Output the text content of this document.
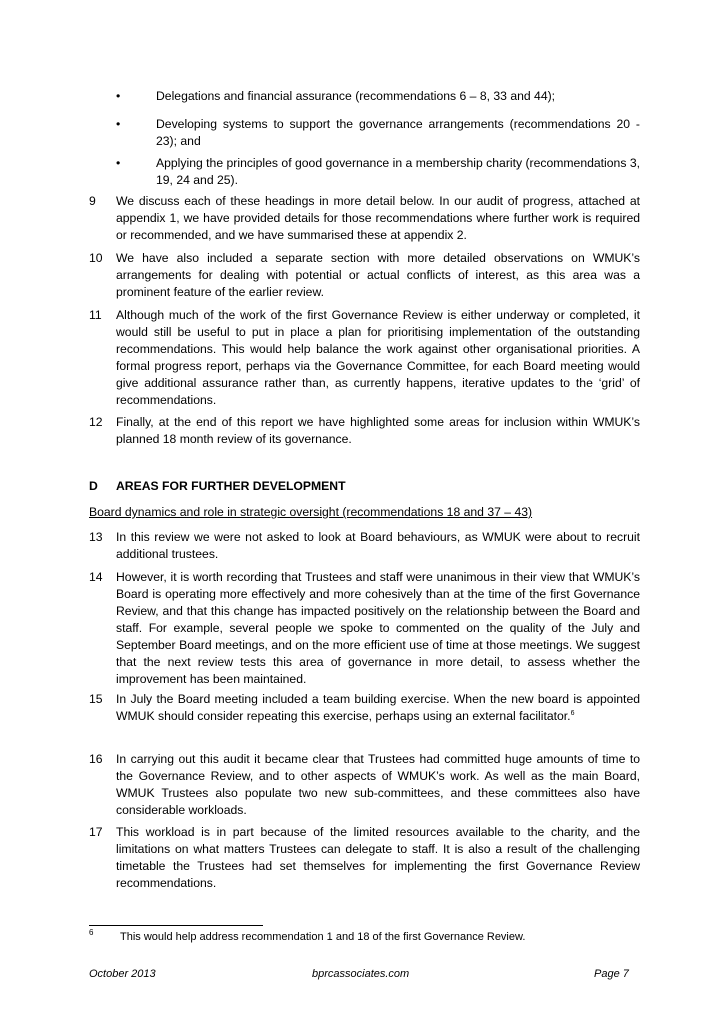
•	Delegations and financial assurance (recommendations 6 – 8, 33 and 44);
•	Developing systems to support the governance arrangements (recommendations 20 - 23); and
•	Applying the principles of good governance in a membership charity (recommendations 3, 19, 24 and 25).
9	We discuss each of these headings in more detail below. In our audit of progress, attached at appendix 1, we have provided details for those recommendations where further work is required or recommended, and we have summarised these at appendix 2.
10	We have also included a separate section with more detailed observations on WMUK’s arrangements for dealing with potential or actual conflicts of interest, as this area was a prominent feature of the earlier review.
11	Although much of the work of the first Governance Review is either underway or completed, it would still be useful to put in place a plan for prioritising implementation of the outstanding recommendations. This would help balance the work against other organisational priorities. A formal progress report, perhaps via the Governance Committee, for each Board meeting would give additional assurance rather than, as currently happens, iterative updates to the ‘grid’ of recommendations.
12	Finally, at the end of this report we have highlighted some areas for inclusion within WMUK’s planned 18 month review of its governance.
D AREAS FOR FURTHER DEVELOPMENT
Board dynamics and role in strategic oversight (recommendations 18 and 37 – 43)
13	In this review we were not asked to look at Board behaviours, as WMUK were about to recruit additional trustees.
14	However, it is worth recording that Trustees and staff were unanimous in their view that WMUK’s Board is operating more effectively and more cohesively than at the time of the first Governance Review, and that this change has impacted positively on the relationship between the Board and staff. For example, several people we spoke to commented on the quality of the July and September Board meetings, and on the more efficient use of time at those meetings. We suggest that the next review tests this area of governance in more detail, to assess whether the improvement has been maintained.
15	In July the Board meeting included a team building exercise. When the new board is appointed WMUK should consider repeating this exercise, perhaps using an external facilitator.$^6$
16	In carrying out this audit it became clear that Trustees had committed huge amounts of time to the Governance Review, and to other aspects of WMUK’s work. As well as the main Board, WMUK Trustees also populate two new sub-committees, and these committees also have considerable workloads.
17	This workload is in part because of the limited resources available to the charity, and the limitations on what matters Trustees can delegate to staff. It is also a result of the challenging timetable the Trustees had set themselves for implementing the first Governance Review recommendations.
6 This would help address recommendation 1 and 18 of the first Governance Review.
October 2013	bprcassociates.com	Page 7
